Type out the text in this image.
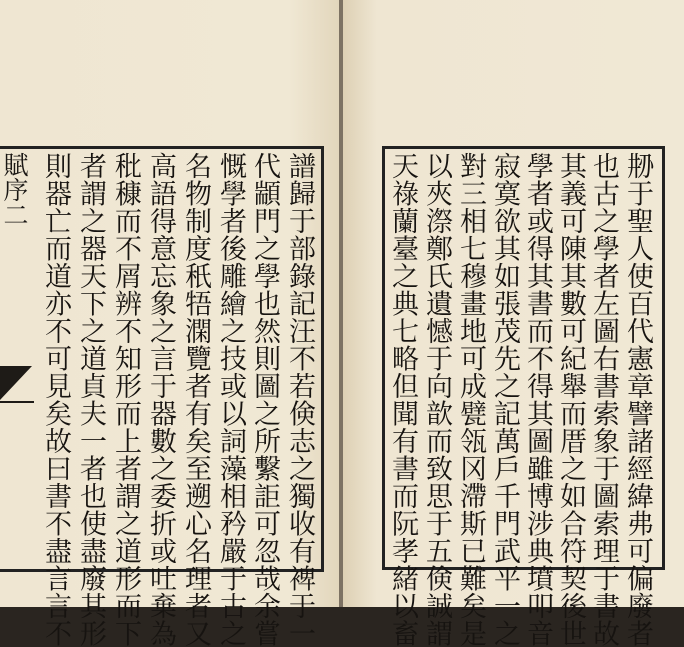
賦序二	刱于聖人使百代憲章譬諸經緯弗可偏廢者
也古之學者左圖右書索象于圖索理于書故
其義可陳其數可紀舉而厝之如合符契後世
學者或得其書而不得其圖雖博涉典墳叩音
寂寞欲其如張茂先之記萬戶千門武平一之
對三相七穆畫地可成甓瓴冈滯斯已難矣是
以夾漈鄭氏遺憾于向歆而致思于五倹誠謂
天祿蘭臺之典七略但聞有書而阮孝緒以畜
譜歸于部錄記汪不若倹志之獨收有裨于一
代顓門之學也然則圖之所繫詎可忽哉余嘗
慨學者後雕繪之技或以詞藻相矜嚴于古之
名物制度秖牾澖覽者有矣至遡心名理者又
高語得意忘象之言于器數之委折或吐棄為
秕穅而不屑辨不知形而上者謂之道形而下
者謂之器天下之道貞夫一者也使盡廢其形
則器亡而道亦不可見矣故曰書不盡言言不
